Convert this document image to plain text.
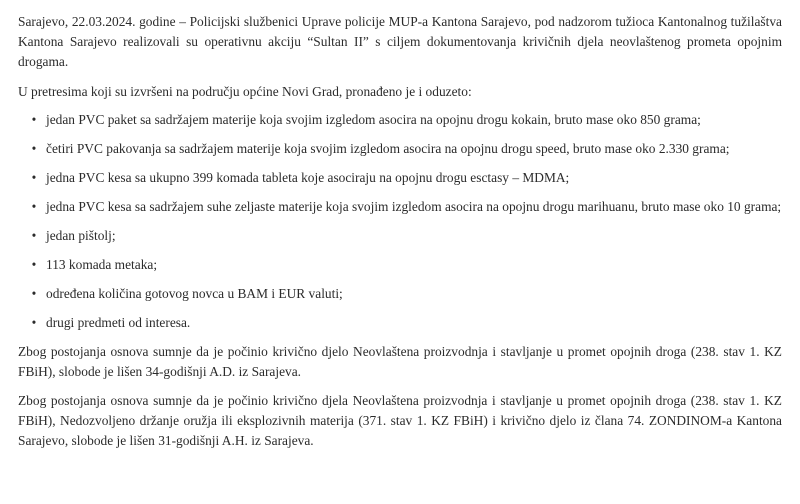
Sarajevo, 22.03.2024. godine – Policijski službenici Uprave policije MUP-a Kantona Sarajevo, pod nadzorom tužioca Kantonalnog tužilaštva Kantona Sarajevo realizovali su operativnu akciju “Sultan II” s ciljem dokumentovanja krivičnih djela neovlaštenog prometa opojnim drogama.

U pretresima koji su izvršeni na području općine Novi Grad, pronađeno je i oduzeto:

• jedan PVC paket sa sadržajem materije koja svojim izgledom asocira na opojnu drogu kokain, bruto mase oko 850 grama;
• četiri PVC pakovanja sa sadržajem materije koja svojim izgledom asocira na opojnu drogu speed, bruto mase oko 2.330 grama;
• jedna PVC kesa sa ukupno 399 komada tableta koje asociraju na opojnu drogu esctasy – MDMA;
• jedna PVC kesa sa sadržajem suhe zeljaste materije koja svojim izgledom asocira na opojnu drogu marihuanu, bruto mase oko 10 grama;
• jedan pištolj;
• 113 komada metaka;
• određena količina gotovog novca u BAM i EUR valuti;
• drugi predmeti od interesa.

Zbog postojanja osnova sumnje da je počinio krivično djelo Neovlaštena proizvodnja i stavljanje u promet opojnih droga (238. stav 1. KZ FBiH), slobode je lišen 34-godišnji A.D. iz Sarajeva.

Zbog postojanja osnova sumnje da je počinio krivično djela Neovlaštena proizvodnja i stavljanje u promet opojnih droga (238. stav 1. KZ FBiH), Nedozvoljeno držanje oružja ili eksplozivnih materija (371. stav 1. KZ FBiH) i krivično djelo iz člana 74. ZONDINOM-a Kantona Sarajevo, slobode je lišen 31-godišnji A.H. iz Sarajeva.
